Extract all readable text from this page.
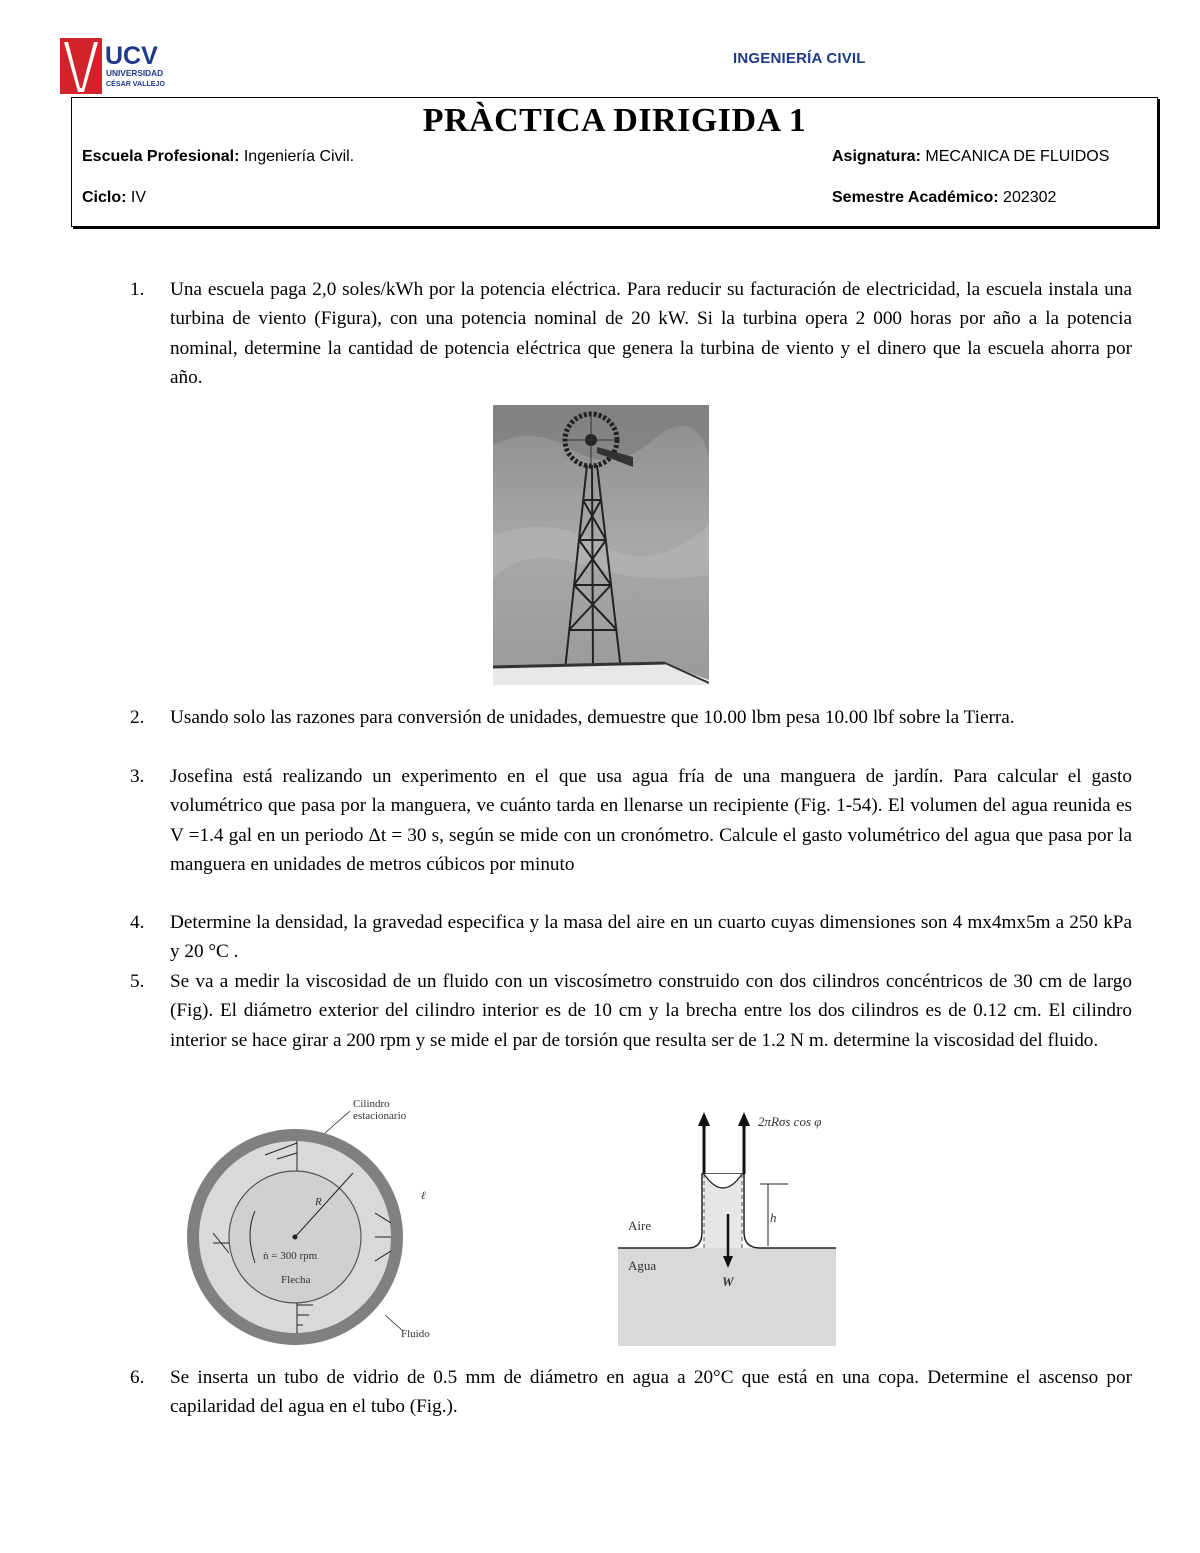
UCV
UNIVERSIDAD
CÉSAR VALLEJO
INGENIERÍA CIVIL
PRÀCTICA DIRIGIDA 1
Escuela Profesional: Ingeniería Civil.	Asignatura: MECANICA DE FLUIDOS
Ciclo: IV	Semestre Académico: 202302
1. Una escuela paga 2,0 soles/kWh por la potencia eléctrica. Para reducir su facturación de electricidad, la escuela instala una turbina de viento (Figura), con una potencia nominal de 20 kW. Si la turbina opera 2 000 horas por año a la potencia nominal, determine la cantidad de potencia eléctrica que genera la turbina de viento y el dinero que la escuela ahorra por año.
2. Usando solo las razones para conversión de unidades, demuestre que 10.00 lbm pesa 10.00 lbf sobre la Tierra.
3. Josefina está realizando un experimento en el que usa agua fría de una manguera de jardín. Para calcular el gasto volumétrico que pasa por la manguera, ve cuánto tarda en llenarse un recipiente (Fig. 1-54). El volumen del agua reunida es V =1.4 gal en un periodo Δt = 30 s, según se mide con un cronómetro. Calcule el gasto volumétrico del agua que pasa por la manguera en unidades de metros cúbicos por minuto
4. Determine la densidad, la gravedad especifica y la masa del aire en un cuarto cuyas dimensiones son 4 mx4mx5m a 250 kPa y 20 °C .
5. Se va a medir la viscosidad de un fluido con un viscosímetro construido con dos cilindros concéntricos de 30 cm de largo (Fig). El diámetro exterior del cilindro interior es de 10 cm y la brecha entre los dos cilindros es de 0.12 cm. El cilindro interior se hace girar a 200 rpm y se mide el par de torsión que resulta ser de 1.2 N m. determine la viscosidad del fluido.
6. Se inserta un tubo de vidrio de 0.5 mm de diámetro en agua a 20°C que está en una copa. Determine el ascenso por capilaridad del agua en el tubo (Fig.).
Cilindro
estacionario
R	ℓ
ṅ = 300 rpm
Flecha
Fluido
2πRσs cos φ
Aire
Agua
h
W
